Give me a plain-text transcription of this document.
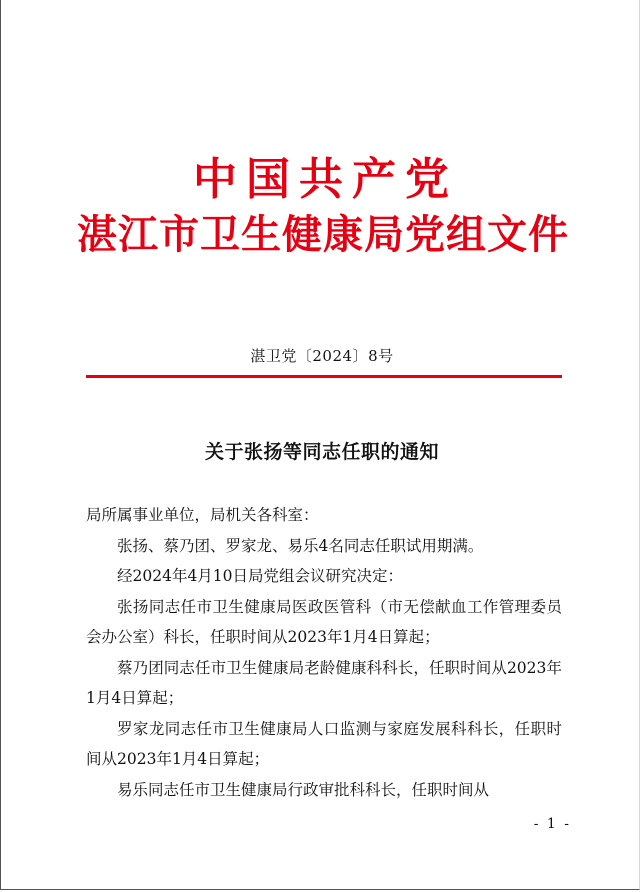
中国共产党
湛江市卫生健康局党组文件
湛卫党〔2024〕8号
关于张扬等同志任职的通知

局所属事业单位，局机关各科室：

张扬、蔡乃团、罗家龙、易乐4名同志任职试用期满。

经2024年4月10日局党组会议研究决定：

张扬同志任市卫生健康局医政医管科（市无偿献血工作管理委员会办公室）科长，任职时间从2023年1月4日算起；

蔡乃团同志任市卫生健康局老龄健康科科长，任职时间从2023年1月4日算起；

罗家龙同志任市卫生健康局人口监测与家庭发展科科长，任职时间从2023年1月4日算起；

易乐同志任市卫生健康局行政审批科科长，任职时间从

- 1 -
